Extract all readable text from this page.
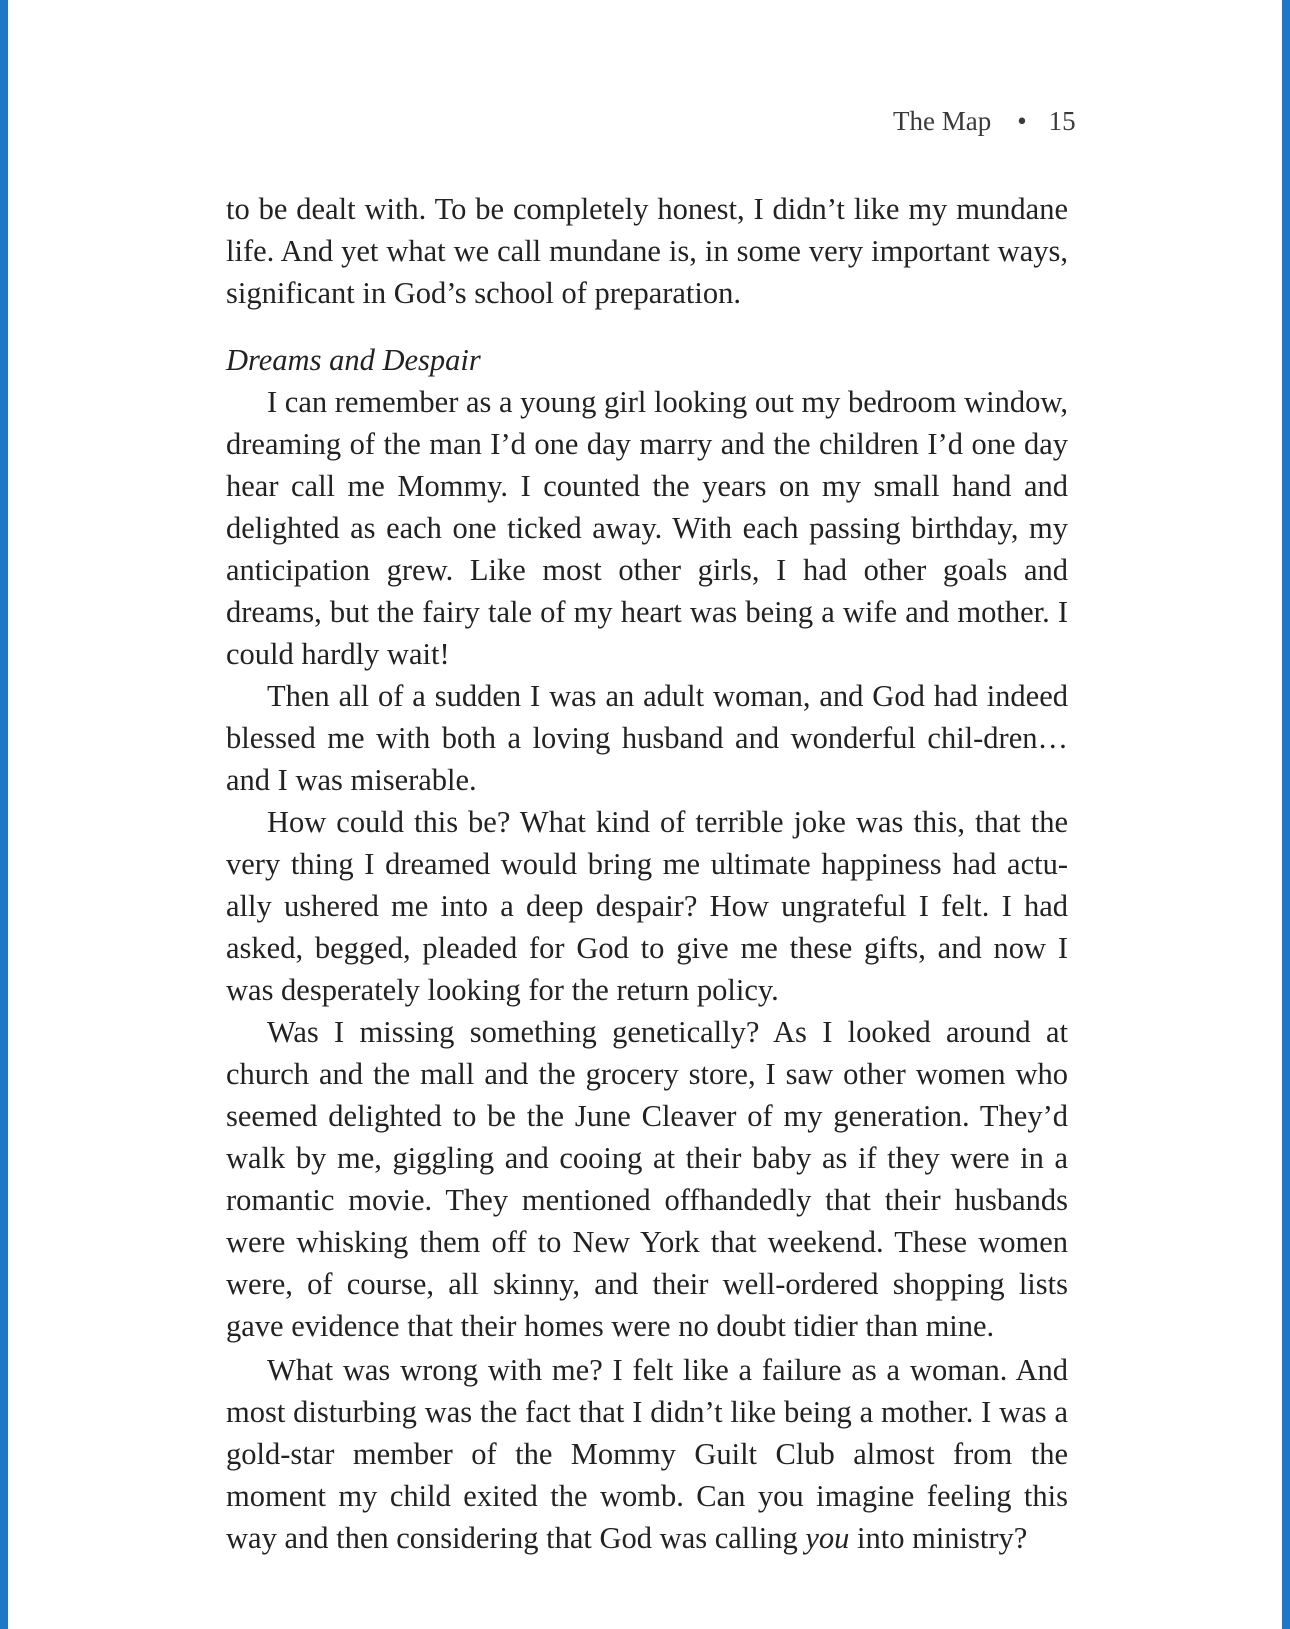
The Map • 15

to be dealt with. To be completely honest, I didn’t like my mundane life. And yet what we call mundane is, in some very important ways, significant in God’s school of preparation.

Dreams and Despair

I can remember as a young girl looking out my bedroom window, dreaming of the man I’d one day marry and the children I’d one day hear call me Mommy. I counted the years on my small hand and delighted as each one ticked away. With each passing birthday, my anticipation grew. Like most other girls, I had other goals and dreams, but the fairy tale of my heart was being a wife and mother. I could hardly wait!

Then all of a sudden I was an adult woman, and God had indeed blessed me with both a loving husband and wonderful chil-dren…and I was miserable.

How could this be? What kind of terrible joke was this, that the very thing I dreamed would bring me ultimate happiness had actu-ally ushered me into a deep despair? How ungrateful I felt. I had asked, begged, pleaded for God to give me these gifts, and now I was desperately looking for the return policy.

Was I missing something genetically? As I looked around at church and the mall and the grocery store, I saw other women who seemed delighted to be the June Cleaver of my generation. They’d walk by me, giggling and cooing at their baby as if they were in a romantic movie. They mentioned offhandedly that their husbands were whisking them off to New York that weekend. These women were, of course, all skinny, and their well-ordered shopping lists gave evidence that their homes were no doubt tidier than mine.

What was wrong with me? I felt like a failure as a woman. And most disturbing was the fact that I didn’t like being a mother. I was a gold-star member of the Mommy Guilt Club almost from the moment my child exited the womb. Can you imagine feeling this way and then considering that God was calling you into ministry?
